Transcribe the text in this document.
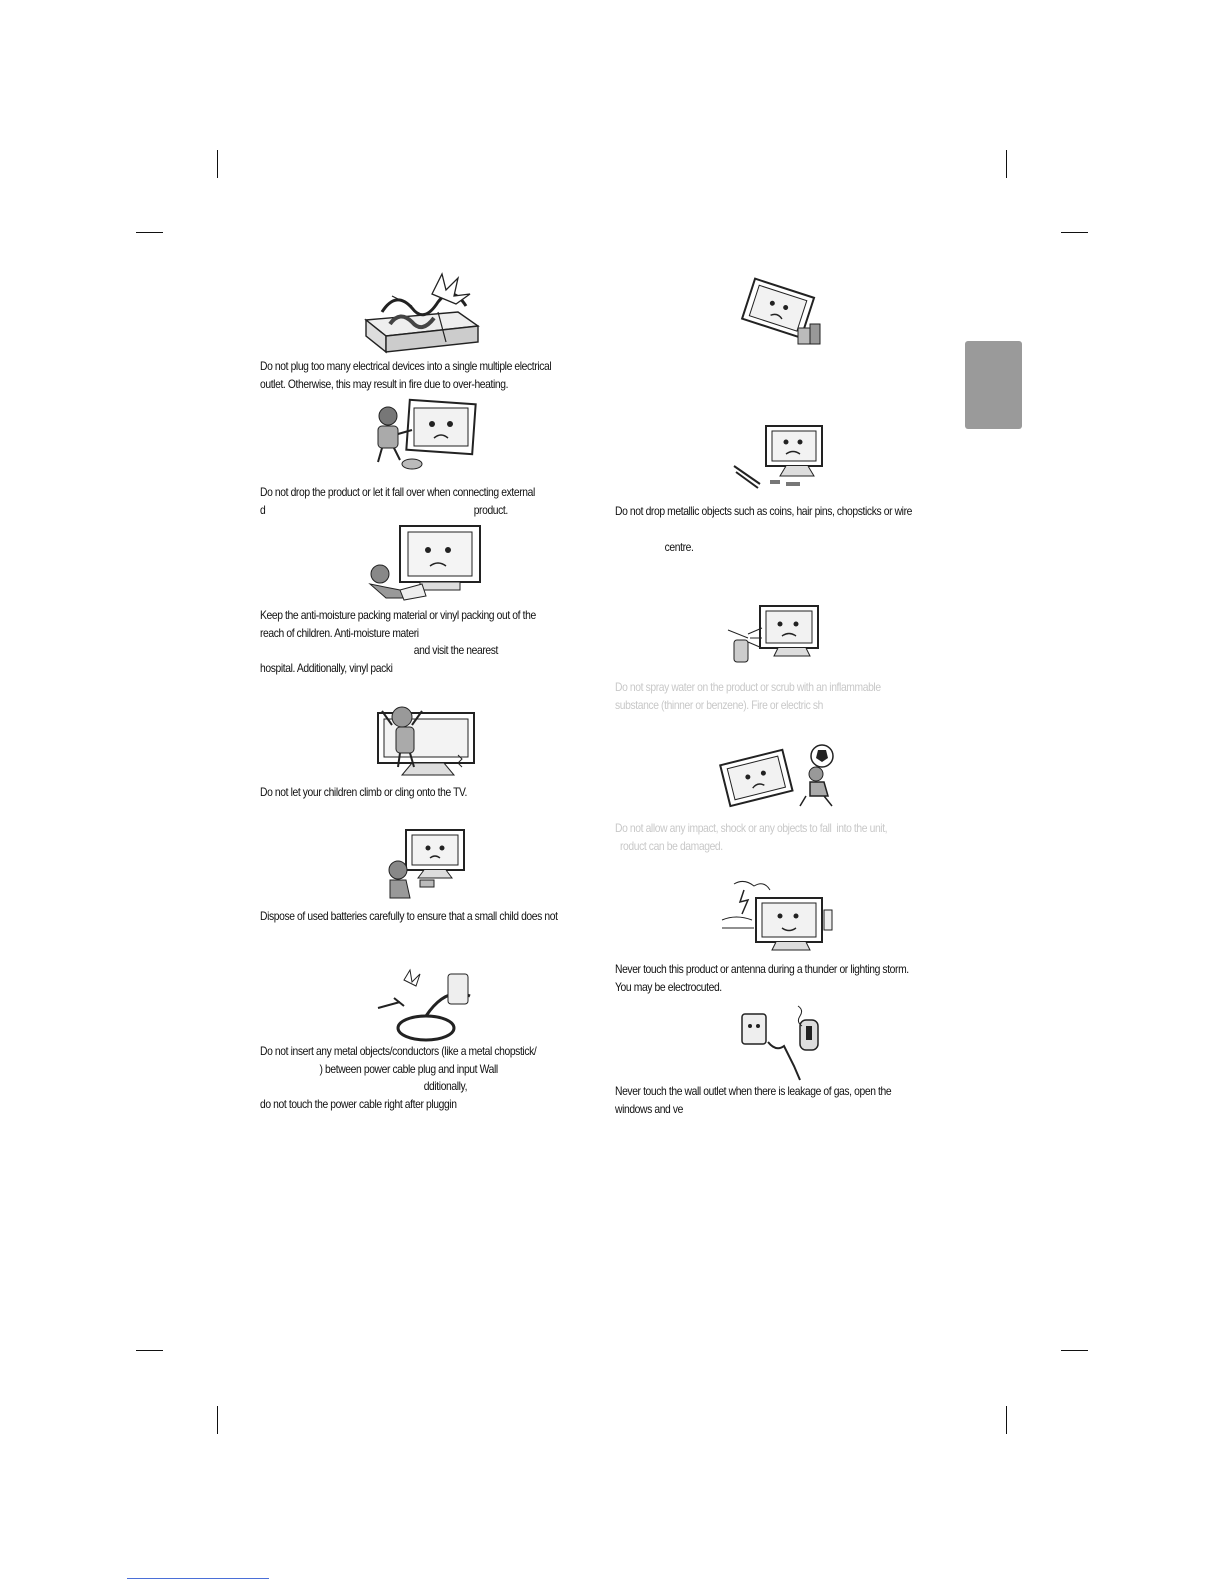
Do not plug too many electrical devices into a single multiple electrical
outlet. Otherwise, this may result in fire due to over-heating.
Do not drop the product or let it fall over when connecting external
d                                                                                    product.
Keep the anti-moisture packing material or vinyl packing out of the
reach of children. Anti-moisture materi
and visit the nearest
hospital. Additionally, vinyl packi
Do not let your children climb or cling onto the TV.
Dispose of used batteries carefully to ensure that a small child does not
Do not insert any metal objects/conductors (like a metal chopstick/
) between power cable plug and input Wall
dditionally,
do not touch the power cable right after pluggin
Do not drop metallic objects such as coins, hair pins, chopsticks or wire
centre.
Do not spray water on the product or scrub with an inflammable
substance (thinner or benzene). Fire or electric sh
Do not allow any impact, shock or any objects to fall  into the unit,
roduct can be damaged.
Never touch this product or antenna during a thunder or lighting storm.
You may be electrocuted.
Never touch the wall outlet when there is leakage of gas, open the
windows and ve
